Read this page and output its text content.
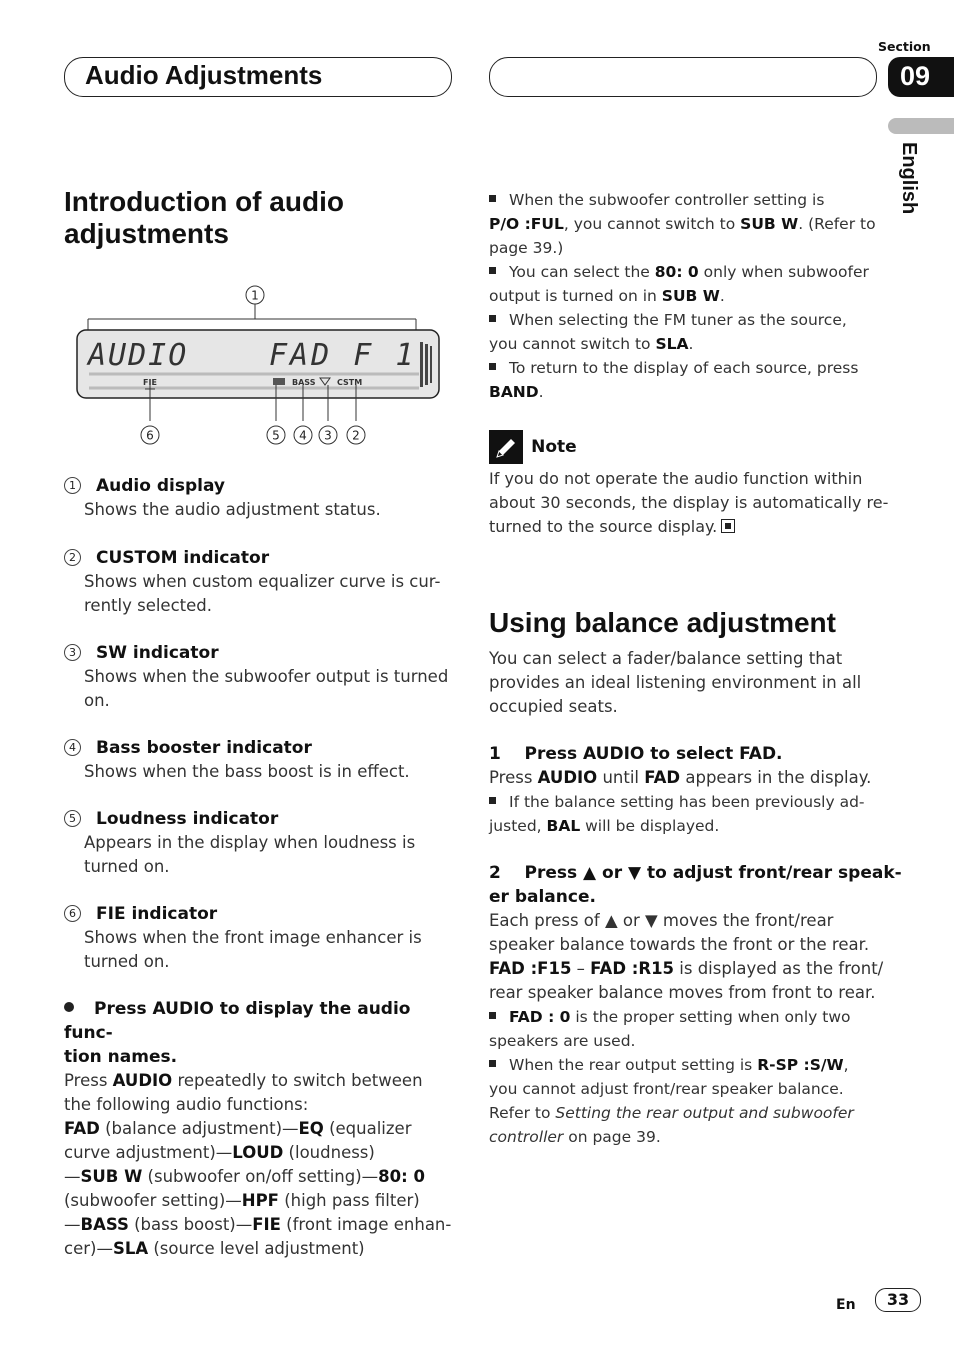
Audio Adjustments
Section
09
English
Introduction of audio
adjustments
1
AUDIO	FAD F 1
FIE	BASS	CSTM
6	5 4 3 2
1 Audio display
Shows the audio adjustment status.
2 CUSTOM indicator
Shows when custom equalizer curve is cur-
rently selected.
3 SW indicator
Shows when the subwoofer output is turned
on.
4 Bass booster indicator
Shows when the bass boost is in effect.
5 Loudness indicator
Appears in the display when loudness is
turned on.
6 FIE indicator
Shows when the front image enhancer is
turned on.
Press AUDIO to display the audio func-
tion names.
Press AUDIO repeatedly to switch between
the following audio functions:
FAD (balance adjustment)—EQ (equalizer
curve adjustment)—LOUD (loudness)
—SUB W (subwoofer on/off setting)—80: 0
(subwoofer setting)—HPF (high pass filter)
—BASS (bass boost)—FIE (front image enhan-
cer)—SLA (source level adjustment)
When the subwoofer controller setting is
P/O :FUL, you cannot switch to SUB W. (Refer to
page 39.)
You can select the 80: 0 only when subwoofer
output is turned on in SUB W.
When selecting the FM tuner as the source,
you cannot switch to SLA.
To return to the display of each source, press
BAND.
Note
If you do not operate the audio function within
about 30 seconds, the display is automatically re-
turned to the source display.
Using balance adjustment
You can select a fader/balance setting that
provides an ideal listening environment in all
occupied seats.
1    Press AUDIO to select FAD.
Press AUDIO until FAD appears in the display.
If the balance setting has been previously ad-
justed, BAL will be displayed.
2    Press ▲ or ▼ to adjust front/rear speak-
er balance.
Each press of ▲ or ▼ moves the front/rear
speaker balance towards the front or the rear.
FAD :F15 – FAD :R15 is displayed as the front/
rear speaker balance moves from front to rear.
FAD : 0 is the proper setting when only two
speakers are used.
When the rear output setting is R-SP :S/W,
you cannot adjust front/rear speaker balance.
Refer to Setting the rear output and subwoofer
controller on page 39.
En	33
